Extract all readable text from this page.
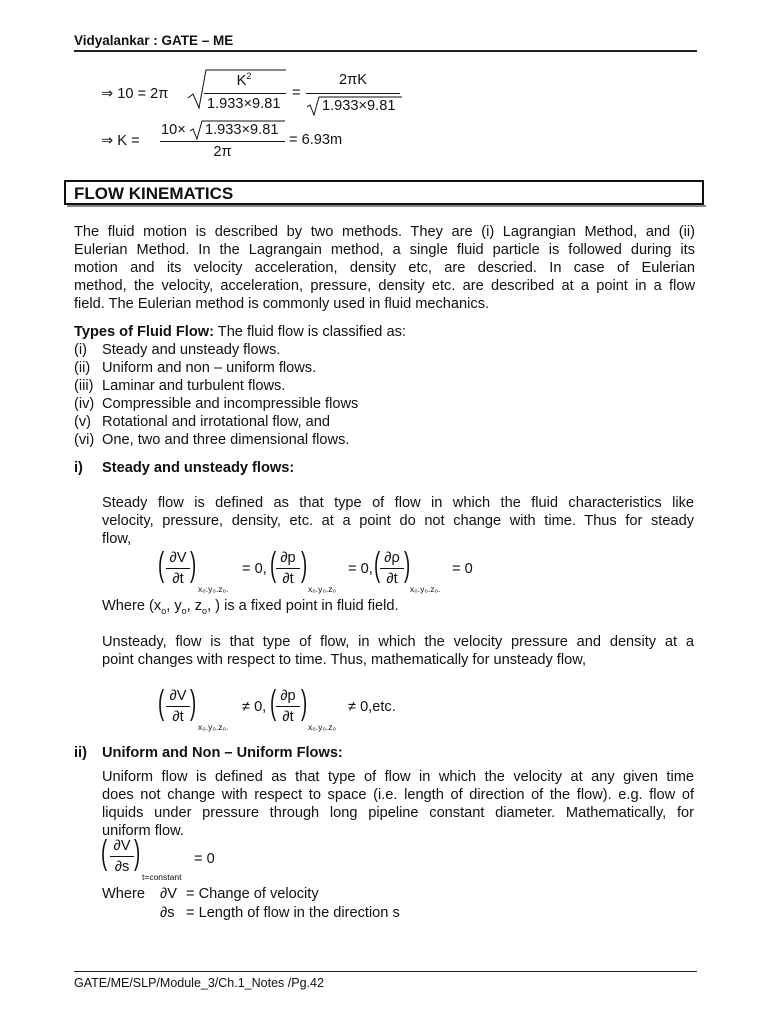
Vidyalankar : GATE – ME
⇒ 10 = 2π
$K^2$
1.933×9.81
=
2πK
1.933×9.81
⇒ K =
10× 1.933×9.81
2π
= 6.93m
FLOW KINEMATICS
The fluid motion is described by two methods. They are (i) Lagrangian Method, and (ii)
Eulerian Method. In the Lagrangain method, a single fluid particle is followed during its
motion and its velocity acceleration, density etc, are descried. In case of Eulerian
method, the velocity, acceleration, pressure, density etc. are described at a point in a flow
field. The Eulerian method is commonly used in fluid mechanics.
Types of Fluid Flow: The fluid flow is classified as:
(i) Steady and unsteady flows.
(ii) Uniform and non – uniform flows.
(iii) Laminar and turbulent flows.
(iv) Compressible and incompressible flows
(v) Rotational and irrotational flow, and
(vi) One, two and three dimensional flows.
i) Steady and unsteady flows:
Steady flow is defined as that type of flow in which the fluid characteristics like
velocity, pressure, density, etc. at a point do not change with time. Thus for steady
flow,
( ∂V
∂t )
x₀.y₀.z₀.
= 0, ( ∂p
∂t )
x₀.y₀.z₀
= 0, ( ∂ρ
∂t )
x₀.y₀.z₀.
= 0
Where ($x_o$, $y_o$, $z_o$, ) is a fixed point in fluid field.
Unsteady, flow is that type of flow, in which the velocity pressure and density at a
point changes with respect to time. Thus, mathematically for unsteady flow,
( ∂V
∂t )
x₀.y₀.z₀.
≠ 0, ( ∂p
∂t )
x₀.y₀.z₀
≠ 0,etc.
ii) Uniform and Non – Uniform Flows:
Uniform flow is defined as that type of flow in which the velocity at any given time
does not change with respect to space (i.e. length of direction of the flow). e.g. flow of
liquids under pressure through long pipeline constant diameter. Mathematically, for
uniform flow.
( ∂V
∂s )
t=constant
= 0
Where ∂V = Change of velocity
∂s = Length of flow in the direction s
GATE/ME/SLP/Module_3/Ch.1_Notes /Pg.42
